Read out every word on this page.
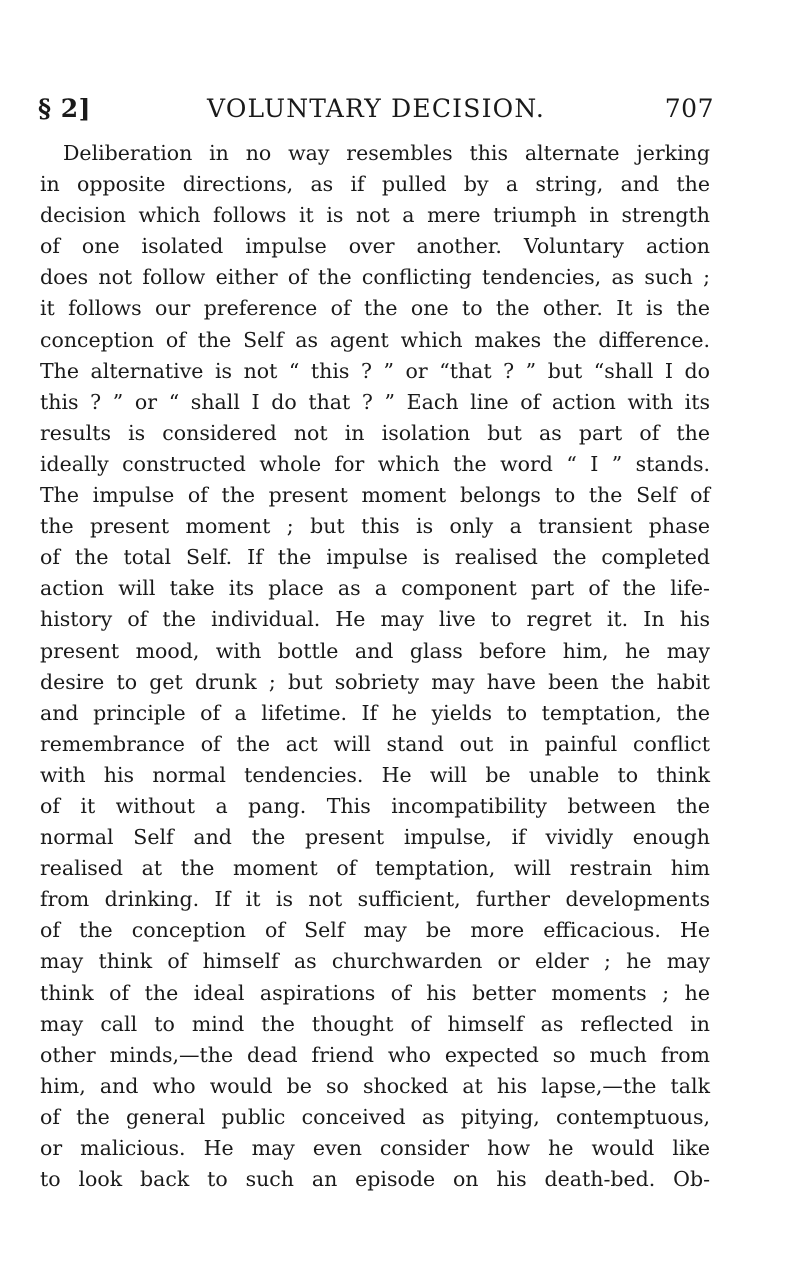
§ 2]	VOLUNTARY DECISION.	707
Deliberation in no way resembles this alternate jerking
in opposite directions, as if pulled by a string, and the
decision which follows it is not a mere triumph in strength
of one isolated impulse over another. Voluntary action
does not follow either of the conflicting tendencies, as such ;
it follows our preference of the one to the other. It is the
conception of the Self as agent which makes the difference.
The alternative is not “ this ? ” or “that ? ” but “shall I do
this ? ” or “ shall I do that ? ” Each line of action with its
results is considered not in isolation but as part of the
ideally constructed whole for which the word “ I ” stands.
The impulse of the present moment belongs to the Self of
the present moment ; but this is only a transient phase
of the total Self. If the impulse is realised the completed
action will take its place as a component part of the life-
history of the individual. He may live to regret it. In his
present mood, with bottle and glass before him, he may
desire to get drunk ; but sobriety may have been the habit
and principle of a lifetime. If he yields to temptation, the
remembrance of the act will stand out in painful conflict
with his normal tendencies. He will be unable to think
of it without a pang. This incompatibility between the
normal Self and the present impulse, if vividly enough
realised at the moment of temptation, will restrain him
from drinking. If it is not sufficient, further developments
of the conception of Self may be more efficacious. He
may think of himself as churchwarden or elder ; he may
think of the ideal aspirations of his better moments ; he
may call to mind the thought of himself as reflected in
other minds,—the dead friend who expected so much from
him, and who would be so shocked at his lapse,—the talk
of the general public conceived as pitying, contemptuous,
or malicious. He may even consider how he would like
to look back to such an episode on his death-bed. Ob-
